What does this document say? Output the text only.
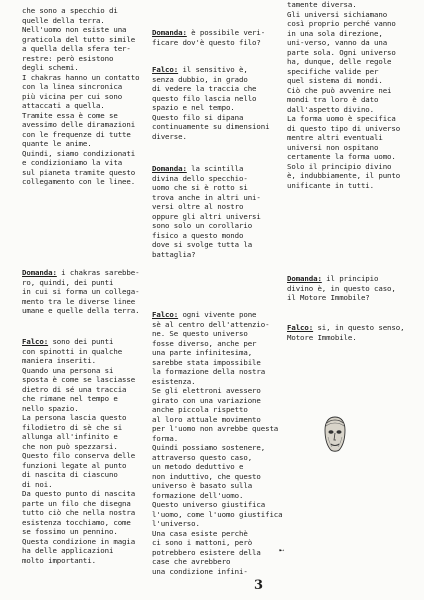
che sono a specchio di
quelle della terra.
Nell'uomo non esiste una
graticola del tutto simile
a quella della sfera ter-
restre: però esistono
degli schemi.
I chakras hanno un contatto
con la linea sincronica
più vicina per cui sono
attaccati a quella.
Tramite essa è come se
avessimo delle diramazioni
con le frequenze di tutte
quante le anime.
Quindi, siamo condizionati
e condizioniamo la vita
sul pianeta tramite questo
collegamento con le linee.
Domanda: i chakras sarebbe-
ro, quindi, dei punti
in cui si forma un collega-
mento tra le diverse linee
umane e quelle della terra.
Falco: sono dei punti
con spinotti in qualche
maniera inseriti.
Quando una persona si
sposta è come se lasciasse
dietro di sé una traccia
che rimane nel tempo e
nello spazio.
La persona lascia questo
filodietro di sè che si
allunga all'infinito e
che non può spezzarsi.
Questo filo conserva delle
funzioni legate al punto
di nascita di ciascuno
di noi.
Da questo punto di nascita
parte un filo che disegna
tutto ciò che nella nostra
esistenza tocchiamo, come
se fossimo un pennino.
Questa condizione in magia
ha delle applicazioni
molto importanti.
Domanda: è possibile veri-
ficare dov'è questo filo?
Falco: il sensitivo è,
senza dubbio, in grado
di vedere la traccia che
questo filo lascia nello
spazio e nel tempo.
Questo filo si dipana
continuamente su dimensioni
diverse.
Domanda: la scintilla
divina dello specchio-
uomo che si è rotto si
trova anche in altri uni-
versi oltre al nostro
oppure gli altri universi
sono solo un corollario
fisico a questo mondo
dove si svolge tutta la
battaglia?
Falco: ogni vivente pone
sè al centro dell'attenzio-
ne. Se questo universo
fosse diverso, anche per
una parte infinitesima,
sarebbe stata impossibile
la formazione della nostra
esistenza.
Se gli elettroni avessero
girato con una variazione
anche piccola rispetto
al loro attuale movimento
per l'uomo non avrebbe questa
forma.
Quindi possiamo sostenere,
attraverso questo caso,
un metodo deduttivo e
non induttivo, che questo
universo è basato sulla
formazione dell'uomo.
Questo universo giustifica
l'uomo, come l'uomo giustifica
l'universo.
Una casa esiste perchè
ci sono i mattoni, però
potrebbero esistere della
case che avrebbero
una condizione infini-
tamente diversa.
Gli universi sichiamano
così proprio perché vanno
in una sola direzione,
uni-verso, vanno da una
parte sola. Ogni universo
ha, dunque, delle regole
specifiche valide per
quel sistema di mondi.
Ciò che può avvenire nei
mondi tra loro è dato
dall'aspetto divino.
La forma uomo è specifica
di questo tipo di universo
mentre altri eventuali
universi non ospitano
certamente la forma uomo.
Solo il principio divino
è, indubbiamente, il punto
unificante in tutti.
Domanda: il principio
divino è, in questo caso,
il Motore Immobile?
Falco: si, in questo senso,
Motore Immobile.
➸
3
